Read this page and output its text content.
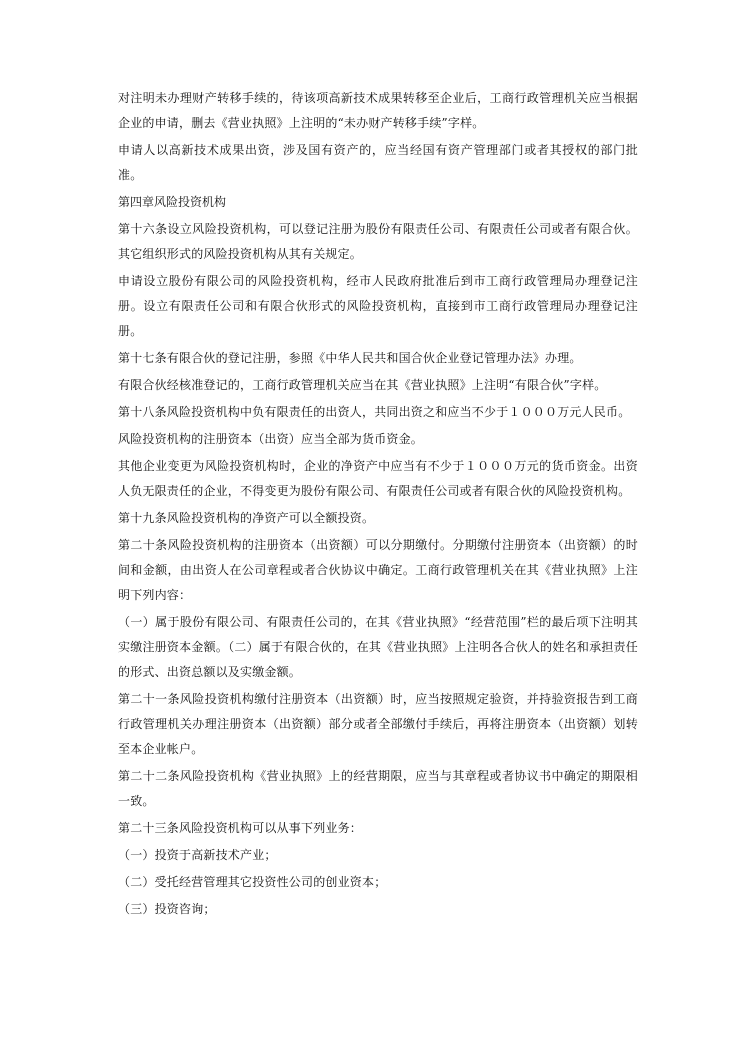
对注明未办理财产转移手续的，待该项高新技术成果转移至企业后，工商行政管理机关应当根据企业的申请，删去《营业执照》上注明的“未办财产转移手续”字样。

申请人以高新技术成果出资，涉及国有资产的，应当经国有资产管理部门或者其授权的部门批准。

第四章风险投资机构

第十六条设立风险投资机构，可以登记注册为股份有限责任公司、有限责任公司或者有限合伙。其它组织形式的风险投资机构从其有关规定。

申请设立股份有限公司的风险投资机构，经市人民政府批准后到市工商行政管理局办理登记注册。设立有限责任公司和有限合伙形式的风险投资机构，直接到市工商行政管理局办理登记注册。

第十七条有限合伙的登记注册，参照《中华人民共和国合伙企业登记管理办法》办理。

有限合伙经核准登记的，工商行政管理机关应当在其《营业执照》上注明“有限合伙”字样。

第十八条风险投资机构中负有限责任的出资人，共同出资之和应当不少于１０００万元人民币。

风险投资机构的注册资本（出资）应当全部为货币资金。

其他企业变更为风险投资机构时，企业的净资产中应当有不少于１０００万元的货币资金。出资人负无限责任的企业，不得变更为股份有限公司、有限责任公司或者有限合伙的风险投资机构。

第十九条风险投资机构的净资产可以全额投资。

第二十条风险投资机构的注册资本（出资额）可以分期缴付。分期缴付注册资本（出资额）的时间和金额，由出资人在公司章程或者合伙协议中确定。工商行政管理机关在其《营业执照》上注明下列内容：

（一）属于股份有限公司、有限责任公司的，在其《营业执照》“经营范围”栏的最后项下注明其实缴注册资本金额。（二）属于有限合伙的，在其《营业执照》上注明各合伙人的姓名和承担责任的形式、出资总额以及实缴金额。

第二十一条风险投资机构缴付注册资本（出资额）时，应当按照规定验资，并持验资报告到工商行政管理机关办理注册资本（出资额）部分或者全部缴付手续后，再将注册资本（出资额）划转至本企业帐户。

第二十二条风险投资机构《营业执照》上的经营期限，应当与其章程或者协议书中确定的期限相一致。

第二十三条风险投资机构可以从事下列业务：

（一）投资于高新技术产业；

（二）受托经营管理其它投资性公司的创业资本；

（三）投资咨询；
